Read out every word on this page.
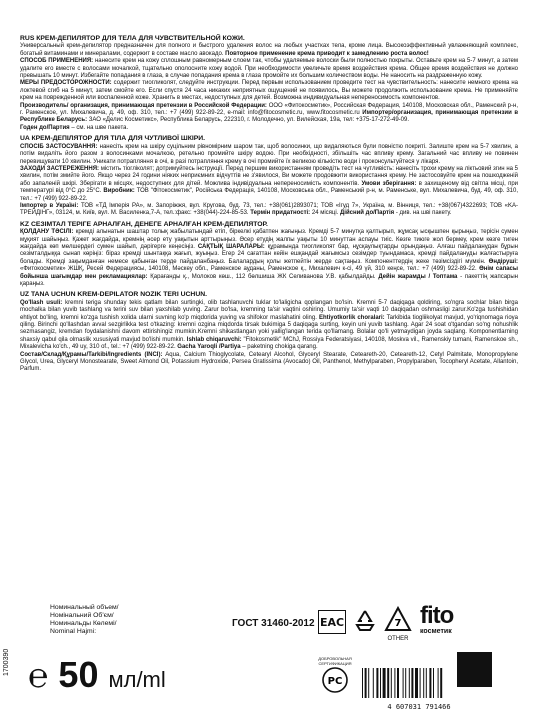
RUS КРЕМ-ДЕПИЛЯТОР ДЛЯ ТЕЛА ДЛЯ ЧУВСТВИТЕЛЬНОЙ КОЖИ.
Универсальный крем-депилятор предназначен для полного и быстрого удаления волос на любых участках тела, кроме лица. Высокоэффективный увлажняющий комплекс, богатый витаминами и минералами, содержит в составе масло авокадо. Повторное применение крема приводит к замедлению роста волос!
СПОСОБ ПРИМЕНЕНИЯ: нанесите крем на кожу сплошным равномерным слоем так, чтобы удаляемые волоски были полностью покрыты. Оставьте крем на 5-7 минут, а затем удалите его вместе с волосами мочалкой, тщательно ополосните кожу водой. При необходимости увеличьте время воздействия крема. Общее время воздействия не должно превышать 10 минут. Избегайте попадания в глаза, в случае попадания крема в глаза промойте их большим количеством воды. Не наносить на раздраженную кожу.
МЕРЫ ПРЕДОСТОРОЖНОСТИ: содержит тиогликолят, следуйте инструкции. Перед первым использованием проведите тест на чувствительность: нанесите немного крема на локтевой сгиб на 5 минут, затем смойте его. Если спустя 24 часа никаких неприятных ощущений не появилось, Вы можете продолжить использование крема. Не применяйте крем на поврежденной или воспаленной коже. Хранить в местах, недоступных для детей. Возможна индивидуальная непереносимость компонентов.
Производитель/ организация, принимающая претензии в Российской Федерации: ООО «Фитокосметик», Российская Федерация, 140108, Московская обл., Раменский р-н, г. Раменское, ул. Михалевича, д. 49, оф. 310, тел.: +7 (499) 922-89-22, e-mail: info@fitocosmetic.ru, www.fitocosmetic.ru Импортер/организация, принимающая претензии в Республике Беларусь: ЗАО «Делис Косметикс», Республика Беларусь, 222310, г. Молодечно, ул. Вилейская, 19а, тел: +375-17-272-49-09.
Годен до/Партия – см. на шве пакета.

UA КРЕМ-ДЕПІЛЯТОР ДЛЯ ТІЛА ДЛЯ ЧУТЛИВОЇ ШКІРИ.
СПОСІБ ЗАСТОСУВАННЯ: нанесіть крем на шкіру суцільним рівномірним шаром так, щоб волосинки, що видаляються були повністю покриті. Залиште крем на 5-7 хвилин, а потім видаліть його разом з волосинками мочалкою, ретельно промийте шкіру водою. При необхідності, збільшіть час впливу крему. Загальний час впливу не повинен перевищувати 10 хвилин. Уникати потрапляння в очі, в разі потрапляння крему в очі промийте їх великою кількістю води і проконсультуйтеся у лікаря.
ЗАХОДИ ЗАСТЕРЕЖЕННЯ: містить тіогліколят; дотримуйтесь інструкції. Перед першим використанням проведіть тест на чутливість: нанесіть трохи крему на ліктьовий згин на 5 хвилин, потім змийте його. Якщо через 24 години ніяких неприємних відчуттів не з'явилося, Ви можете продовжити використання крему. Не застосовуйте крем на пошкодженій або запаленій шкірі. Зберігати в місцях, недоступних для дітей. Можлива індивідуальна непереносимість компонентів. Умови зберігання: в захищеному від світла місці, при температурі від 0°С до 25°С. Виробник: ТОВ "Фітокосметик", Російська Федерація, 140108, Московська обл., Раменський р-н, м. Раменське, вул. Михалевича, буд. 49, оф. 310, тел.: +7 (499) 922-89-22.
Імпортер в Україні: ТОВ «ТД Імперія РА», м. Запоріжжя, вул. Кругова, буд. 73, тел.: +38(061)2893071; ТОВ «Ігуд 7», Україна, м. Вінниця, тел.: +38(067)4322693; ТОВ «KA-ТРЕЙДІНГ», 03124, м. Київ, вул. М. Василенка,7-А, тел.:факс: +38(044)-224-85-53. Термін придатності: 24 місяці. Дійсний до/Партія - див. на шві пакету.

KZ СЕЗІМТАЛ ТЕРІГЕ АРНАЛҒАН, ДЕНЕГЕ АРНАЛҒАН КРЕМ-ДЕПИЛЯТОР.
ҚОЛДАНУ ТӘСІЛІ: кремді алынатын шаштар толық жабылатындай етіп, біркелкі қабатпен жағыңыз. Кремді 5-7 минутқа қалтырып, жұмсақ ысқышпен қырыңыз, терісін сумен мұқият шайыңыз. Қажет жағдайда, кремнің әсер ету уақытын арттырыңыз. Әсер етудің жалпы уақыты 10 минуттан аспауы тиіс. Көзге тиюге жол бермеу, крем көзге тиген жағдайда көп мөлшердегі сумен шайып, дәрігерге кеңесіңіз. САҚТЫҚ ШАРАЛАРЫ: құрамында тиогликолят бар, нұсқаулықтарды орындаңыз. Алғаш пайдаланудан бұрын сезімталдыққа сынап көріңіз: біраз кремді шынтаққа жағып, жуыңыз. Егер 24 сағаттан кейін ешқандай жағымсыз сезімдер туындамаса, кремді пайдалануды жалғастыруға болады. Кремді зақымданған немесе қабынған терде пайдаланбаңыз. Балалардың қолы жетпейтін жерде сақтаңыз. Компоненттердің жеке төзімсіздігі мүмкін. Өндіруші: «Фитокосметик» ЖШҚ, Ресей Федерациясы, 140108, Мәскеу обл., Раменское ауданы, Раменское қ., Михалевич к-сі, 49 үй, 310 кеңсе, тел.: +7 (499) 922-89-22. Өнім сапасы бойынша шағымдар мен рекламациялар: Қарағанды қ., Молоков көш., 112 бөлшиша ЖК Селиванова У.В. қабылдайды. Дейін жарамды / Топтама - пакеттің жапсарын қараңыз.

UZ TANA UCHUN KREM-DEPILATOR NOZIK TERI UCHUN.
Qo'llash usuli: kremni teriga shunday tekis qatlam bilan surtingki, olib tashlanuvchi tuklar to'laligicha qoplangan bo'lsin. Kremni 5-7 daqiqaga qoldiring, so'ngra sochlar bilan birga mochalka bilan yuvib tashlang va terini suv bilan yaxshilab yuving. Zarur bo'lsa, kremning ta'sir vaqtini oshiring. Umumiy ta'sir vaqti 10 daqiqadan oshmasligi zarur.Ko'zga tushishidan ehtiyot bo'ling, kremni ko'zga tushish xolida ularni suvning ko'p miqdorida yuving va shifokor maslahatini oling. Ehtiyotkorlik choralari: Tarkibida tiogliikolyat mavjud, yo'riqnomaga rioya qiling. Birinchi qo'llashdan avval sezgirlikka test o'tkazing: kremni ozgina miqdorda tirsak bukimiga 5 daqiqaga surting, keyin uni yuvib tashlang. Agar 24 soat o'tgandan so'ng nohushlik sezmasangiz, kremdan foydalanishni davom ettirishingiz mumkin.Kremni shikastlangan yoki yallig'langan terida qo'llamang. Bolalar qo'li yetmaydigan joyda saqlang. Komponentlarning shaxsiy qabul qila olmaslik xususiyati mavjud bo'lishi mumkin. Ishlab chiqaruvchi: "Fitokosmetik" MChJ, Rossiya Federatsiyasi, 140108, Moskva vil., Ramenskiy tumani, Ramenskoe sh., Mixalevicha ko'ch., 49 uy, 310 of., tel.: +7 (499) 922-89-22. Gacha Yaroqli /Partiya – paketning chokiga qarang.
Состав/Склад/Құрамы/Tarkibi/Ingredients (INCI): Aqua, Calcium Thioglycolate, Cetearyl Alcohol, Glyceryl Stearate, Ceteareth-20, Ceteareth-12, Cetyl Palmitate, Monopropylene Glycol, Urea, Glyceryl Monostearate, Sweet Almond Oil, Potassium Hydroxide, Persea Gratissima (Avocado) Oil, Panthenol, Methylparaben, Propylparaben, Tocopheryl Acetate, Allantoin, Parfum.

1700390
Номинальный объем/
Номінальний Об'єм/
Номинальды Көлемі/
Nominal Hajmi:
℮ 50 мл/ml
ГОСТ 31460-2012 EAC	7
OTHER
fito
косметик
ДОБРОВОЛЬНАЯ СЕРТИФИКАЦИЯ
PC
4 607031 791466
